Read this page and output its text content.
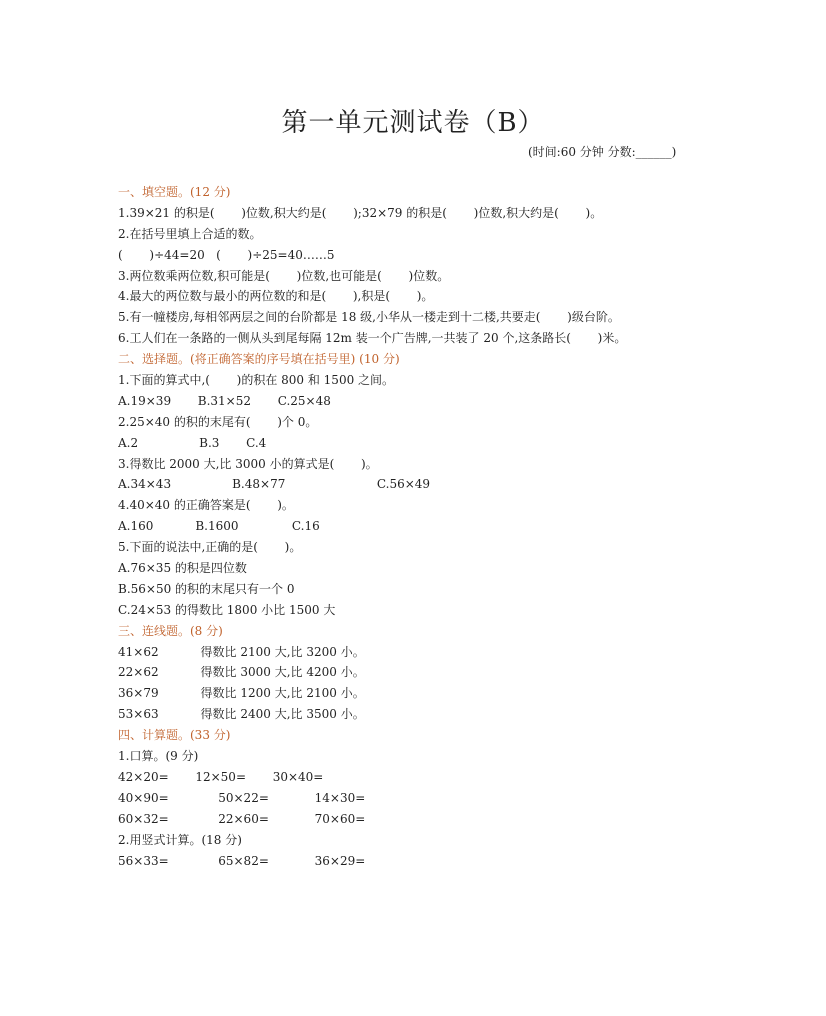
第一单元测试卷（B）
(时间:60 分钟 分数:______)
一、填空题。(12 分)
1.39×21 的积是(       )位数,积大约是(       );32×79 的积是(       )位数,积大约是(       )。
2.在括号里填上合适的数。
(       )÷44=20   (       )÷25=40……5
3.两位数乘两位数,积可能是(       )位数,也可能是(       )位数。
4.最大的两位数与最小的两位数的和是(       ),积是(       )。
5.有一幢楼房,每相邻两层之间的台阶都是 18 级,小华从一楼走到十二楼,共要走(       )级台阶。
6.工人们在一条路的一侧从头到尾每隔 12m 装一个广告牌,一共装了 20 个,这条路长(       )米。
二、选择题。(将正确答案的序号填在括号里) (10 分)
1.下面的算式中,(       )的积在 800 和 1500 之间。
A.19×39       B.31×52       C.25×48
2.25×40 的积的末尾有(       )个 0。
A.2                B.3       C.4
3.得数比 2000 大,比 3000 小的算式是(       )。
A.34×43                B.48×77                        C.56×49
4.40×40 的正确答案是(       )。
A.160           B.1600              C.16
5.下面的说法中,正确的是(       )。
A.76×35 的积是四位数
B.56×50 的积的末尾只有一个 0
C.24×53 的得数比 1800 小比 1500 大
三、连线题。(8 分)
41×62           得数比 2100 大,比 3200 小。
22×62           得数比 3000 大,比 4200 小。
36×79           得数比 1200 大,比 2100 小。
53×63           得数比 2400 大,比 3500 小。
四、计算题。(33 分)
1.口算。(9 分)
42×20=       12×50=       30×40=
40×90=             50×22=            14×30=
60×32=             22×60=            70×60=
2.用竖式计算。(18 分)
56×33=             65×82=            36×29=
